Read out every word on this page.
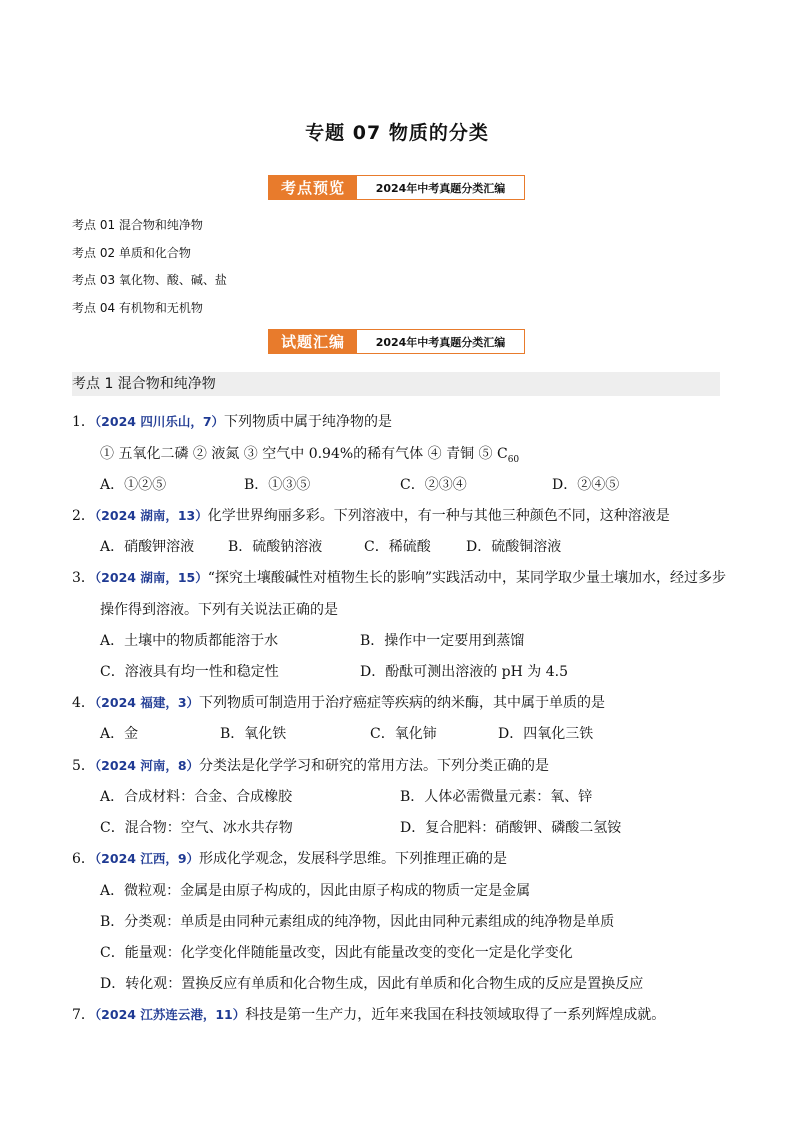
专题 07 物质的分类
考点预览	2024年中考真题分类汇编
考点 01 混合物和纯净物
考点 02 单质和化合物
考点 03 氧化物、酸、碱、盐
考点 04 有机物和无机物
试题汇编	2024年中考真题分类汇编
考点 1 混合物和纯净物
1．（2024 四川乐山，7）下列物质中属于纯净物的是
① 五氧化二磷 ② 液氮 ③ 空气中 0.94%的稀有气体 ④ 青铜 ⑤ $C_{60}$
A．①②⑤	B．①③⑤	C．②③④	D．②④⑤
2．（2024 湖南，13）化学世界绚丽多彩。下列溶液中，有一种与其他三种颜色不同，这种溶液是
A．硝酸钾溶液 B．硫酸钠溶液	C．稀硫酸	D．硫酸铜溶液
3．（2024 湖南，15）“探究土壤酸碱性对植物生长的影响”实践活动中，某同学取少量土壤加水，经过多步
操作得到溶液。下列有关说法正确的是
A．土壤中的物质都能溶于水	B．操作中一定要用到蒸馏
C．溶液具有均一性和稳定性	D．酚酞可测出溶液的 pH 为 4.5
4．（2024 福建，3）下列物质可制造用于治疗癌症等疾病的纳米酶，其中属于单质的是
A．金	B．氧化铁	C．氧化铈	D．四氧化三铁
5．（2024 河南，8）分类法是化学学习和研究的常用方法。下列分类正确的是
A．合成材料：合金、合成橡胶	B．人体必需微量元素：氧、锌
C．混合物：空气、冰水共存物	D．复合肥料：硝酸钾、磷酸二氢铵
6．（2024 江西，9）形成化学观念，发展科学思维。下列推理正确的是
A．微粒观：金属是由原子构成的，因此由原子构成的物质一定是金属
B．分类观：单质是由同种元素组成的纯净物，因此由同种元素组成的纯净物是单质
C．能量观：化学变化伴随能量改变，因此有能量改变的变化一定是化学变化
D．转化观：置换反应有单质和化合物生成，因此有单质和化合物生成的反应是置换反应
7．（2024 江苏连云港，11）科技是第一生产力，近年来我国在科技领域取得了一系列辉煌成就。
